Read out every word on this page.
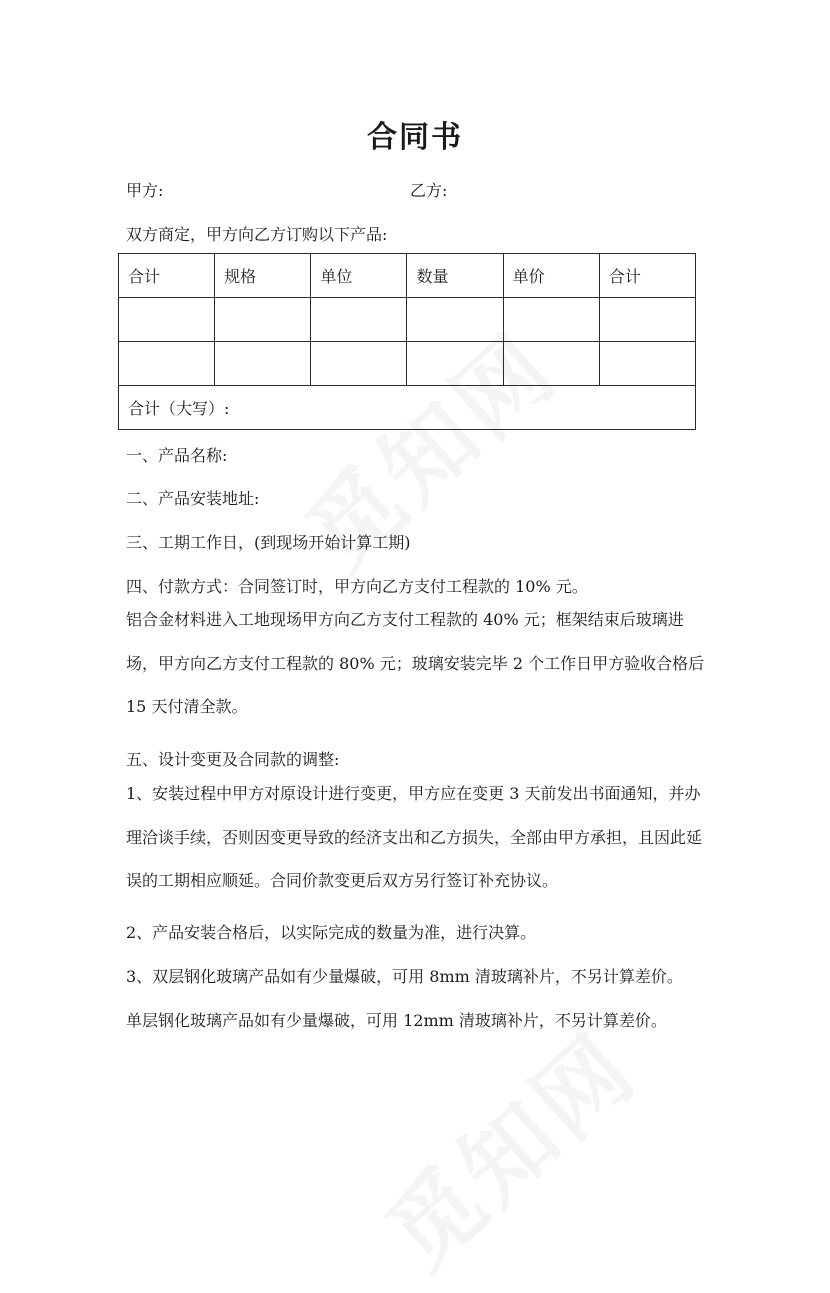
合同书
甲方:	乙方:
双方商定，甲方向乙方订购以下产品:
合计	规格	单位	数量	单价	合计

合计（大写）:					
一、产品名称:
二、产品安装地址:
三、工期工作日，(到现场开始计算工期)
四、付款方式：合同签订时，甲方向乙方支付工程款的 10% 元。
铝合金材料进入工地现场甲方向乙方支付工程款的 40% 元；框架结束后玻璃进场，甲方向乙方支付工程款的 80% 元；玻璃安装完毕 2 个工作日甲方验收合格后 15 天付清全款。
五、设计变更及合同款的调整:
1、安装过程中甲方对原设计进行变更，甲方应在变更 3 天前发出书面通知，并办理洽谈手续，否则因变更导致的经济支出和乙方损失，全部由甲方承担，且因此延误的工期相应顺延。合同价款变更后双方另行签订补充协议。
2、产品安装合格后，以实际完成的数量为准，进行决算。
3、双层钢化玻璃产品如有少量爆破，可用 8mm 清玻璃补片，不另计算差价。
单层钢化玻璃产品如有少量爆破，可用 12mm 清玻璃补片，不另计算差价。
